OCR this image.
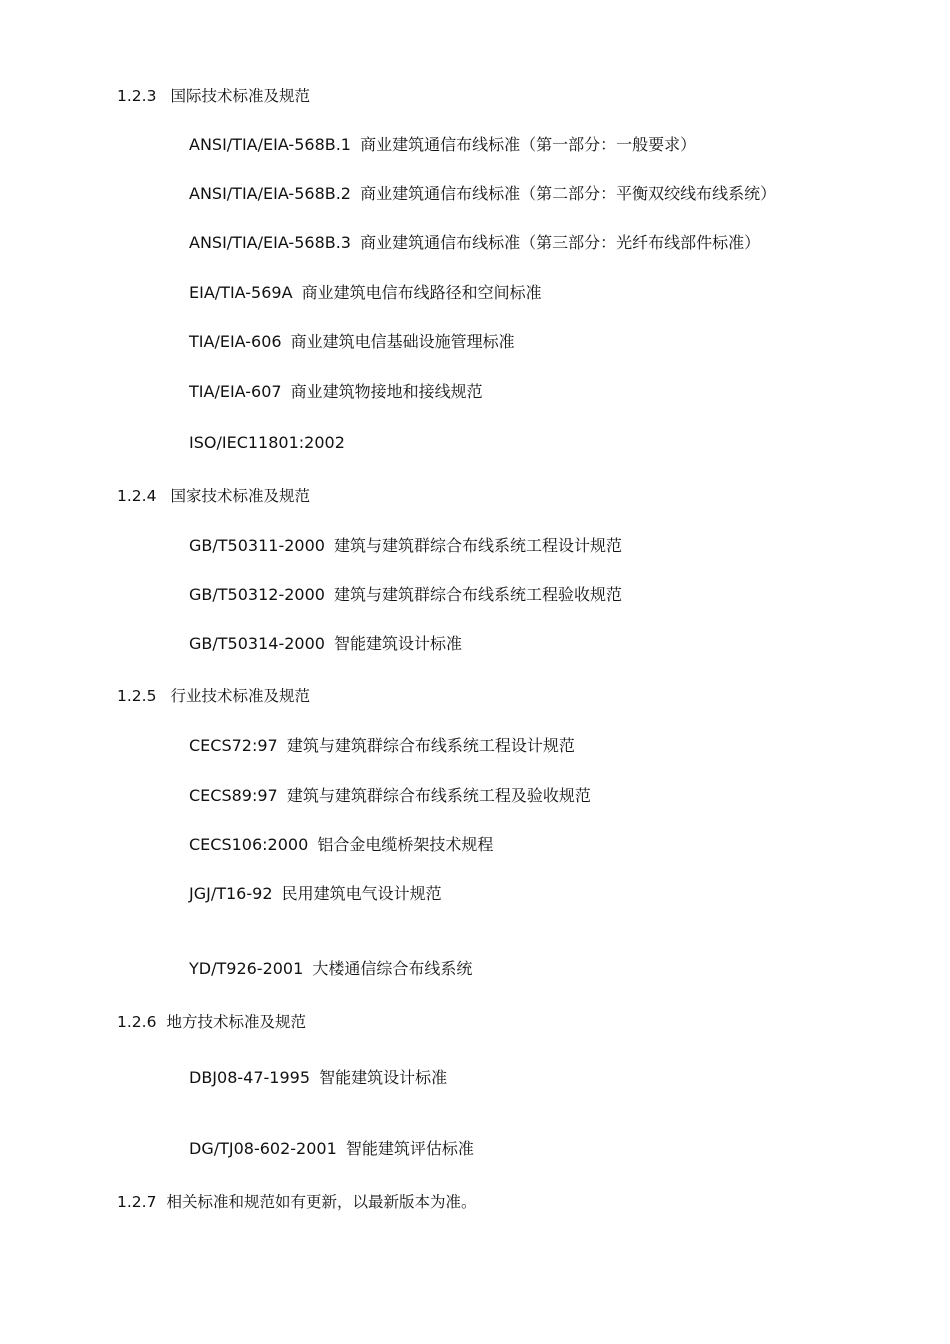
1.2.3 国际技术标准及规范
ANSI/TIA/EIA-568B.1 商业建筑通信布线标准（第一部分：一般要求）
ANSI/TIA/EIA-568B.2 商业建筑通信布线标准（第二部分：平衡双绞线布线系统）
ANSI/TIA/EIA-568B.3 商业建筑通信布线标准（第三部分：光纤布线部件标准）
EIA/TIA-569A 商业建筑电信布线路径和空间标准
TIA/EIA-606 商业建筑电信基础设施管理标准
TIA/EIA-607 商业建筑物接地和接线规范
ISO/IEC11801:2002
1.2.4 国家技术标准及规范
GB/T50311-2000 建筑与建筑群综合布线系统工程设计规范
GB/T50312-2000 建筑与建筑群综合布线系统工程验收规范
GB/T50314-2000 智能建筑设计标准
1.2.5 行业技术标准及规范
CECS72:97 建筑与建筑群综合布线系统工程设计规范
CECS89:97 建筑与建筑群综合布线系统工程及验收规范
CECS106:2000 铝合金电缆桥架技术规程
JGJ/T16-92 民用建筑电气设计规范
YD/T926-2001 大楼通信综合布线系统
1.2.6 地方技术标准及规范
DBJ08-47-1995 智能建筑设计标准
DG/TJ08-602-2001 智能建筑评估标准
1.2.7 相关标准和规范如有更新，以最新版本为准。
